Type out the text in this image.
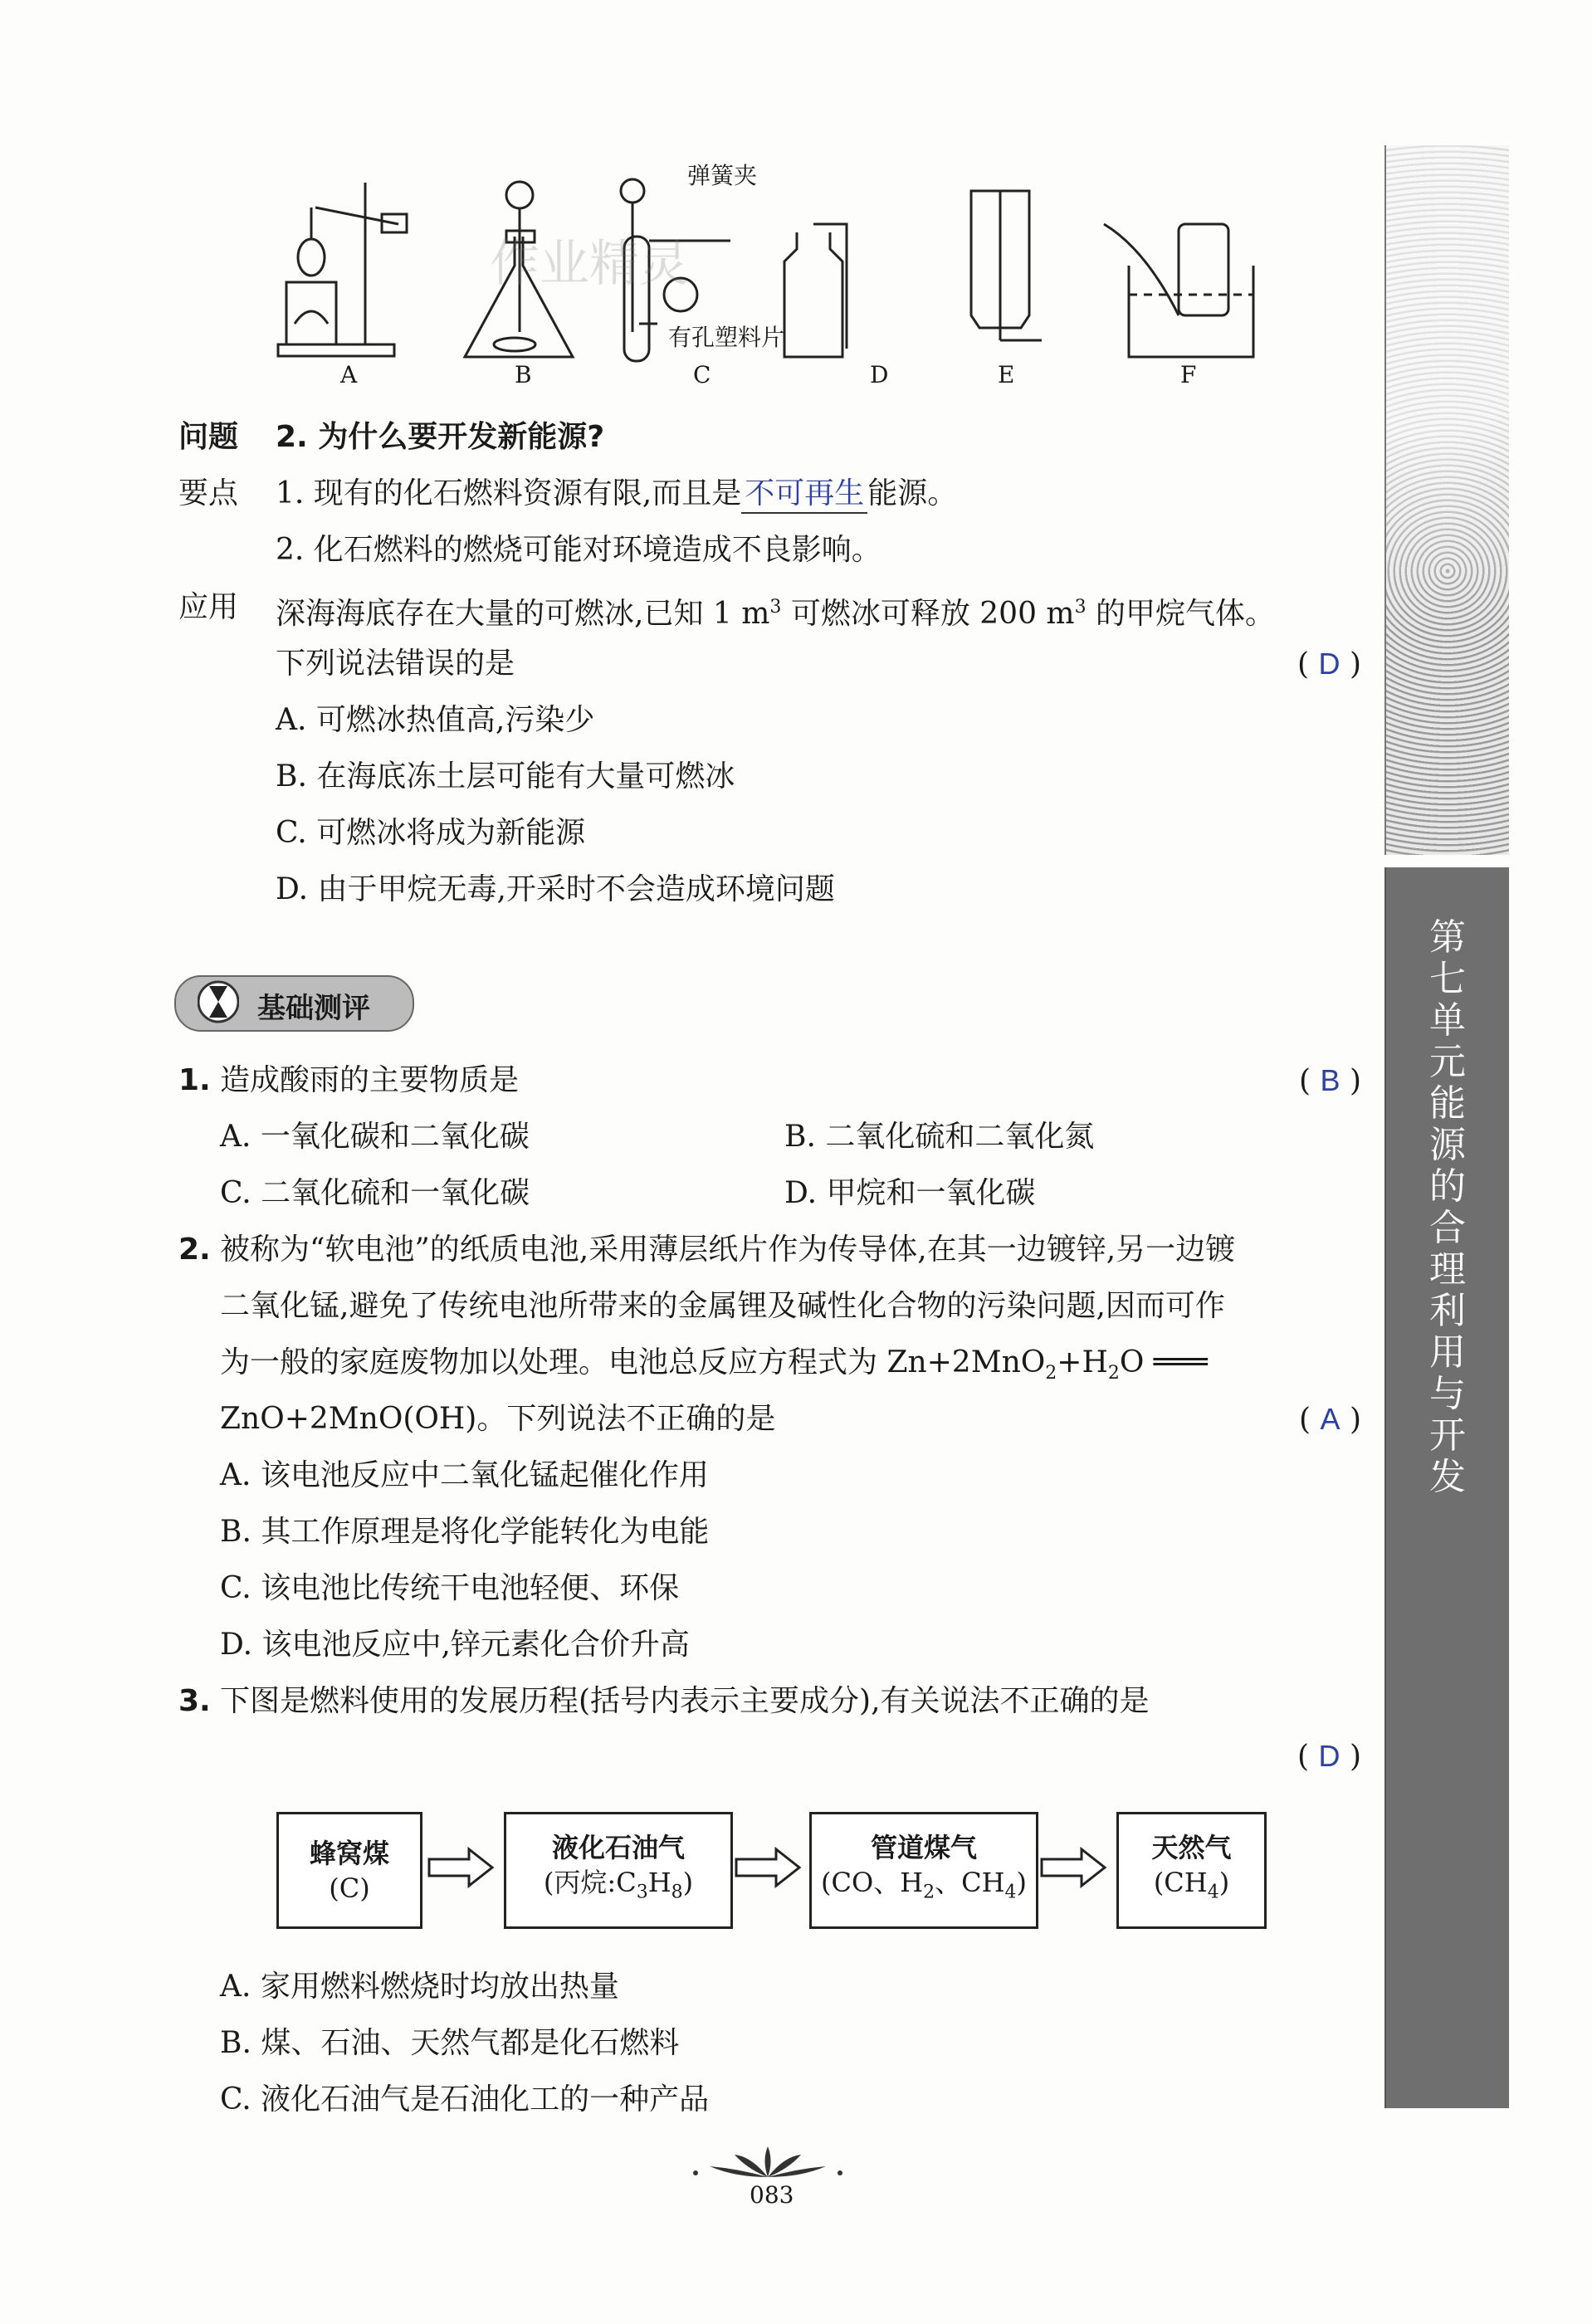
弹簧夹
有孔塑料片
作业精灵
A	B	C	D	E	F
问题 2. 为什么要开发新能源?
要点 1. 现有的化石燃料资源有限,而且是 不可再生 能源。
2. 化石燃料的燃烧可能对环境造成不良影响。
应用 深海海底存在大量的可燃冰,已知 1 $m^3$ 可燃冰可释放 200 $m^3$ 的甲烷气体。
下列说法错误的是	( D )
A. 可燃冰热值高,污染少
B. 在海底冻土层可能有大量可燃冰
C. 可燃冰将成为新能源
D. 由于甲烷无毒,开采时不会造成环境问题
基础测评
1. 造成酸雨的主要物质是	( B )
A. 一氧化碳和二氧化碳	B. 二氧化硫和二氧化氮
C. 二氧化硫和一氧化碳	D. 甲烷和一氧化碳
2. 被称为“软电池”的纸质电池,采用薄层纸片作为传导体,在其一边镀锌,另一边镀
二氧化锰,避免了传统电池所带来的金属锂及碱性化合物的污染问题,因而可作
为一般的家庭废物加以处理。电池总反应方程式为 $Zn+2MnO_2+H_2O$ ═══
ZnO+2MnO(OH)。下列说法不正确的是	( A )
A. 该电池反应中二氧化锰起催化作用
B. 其工作原理是将化学能转化为电能
C. 该电池比传统干电池轻便、环保
D. 该电池反应中,锌元素化合价升高
3. 下图是燃料使用的发展历程(括号内表示主要成分),有关说法不正确的是
( D )
蜂窝煤
(C)
液化石油气
(丙烷$:C_3H_8$)
管道煤气
(CO、$H_2$、$CH_4$)
天然气
$(CH_4)$
A. 家用燃料燃烧时均放出热量
B. 煤、石油、天然气都是化石燃料
C. 液化石油气是石油化工的一种产品
083
第七单元 能源的合理利用与开发
